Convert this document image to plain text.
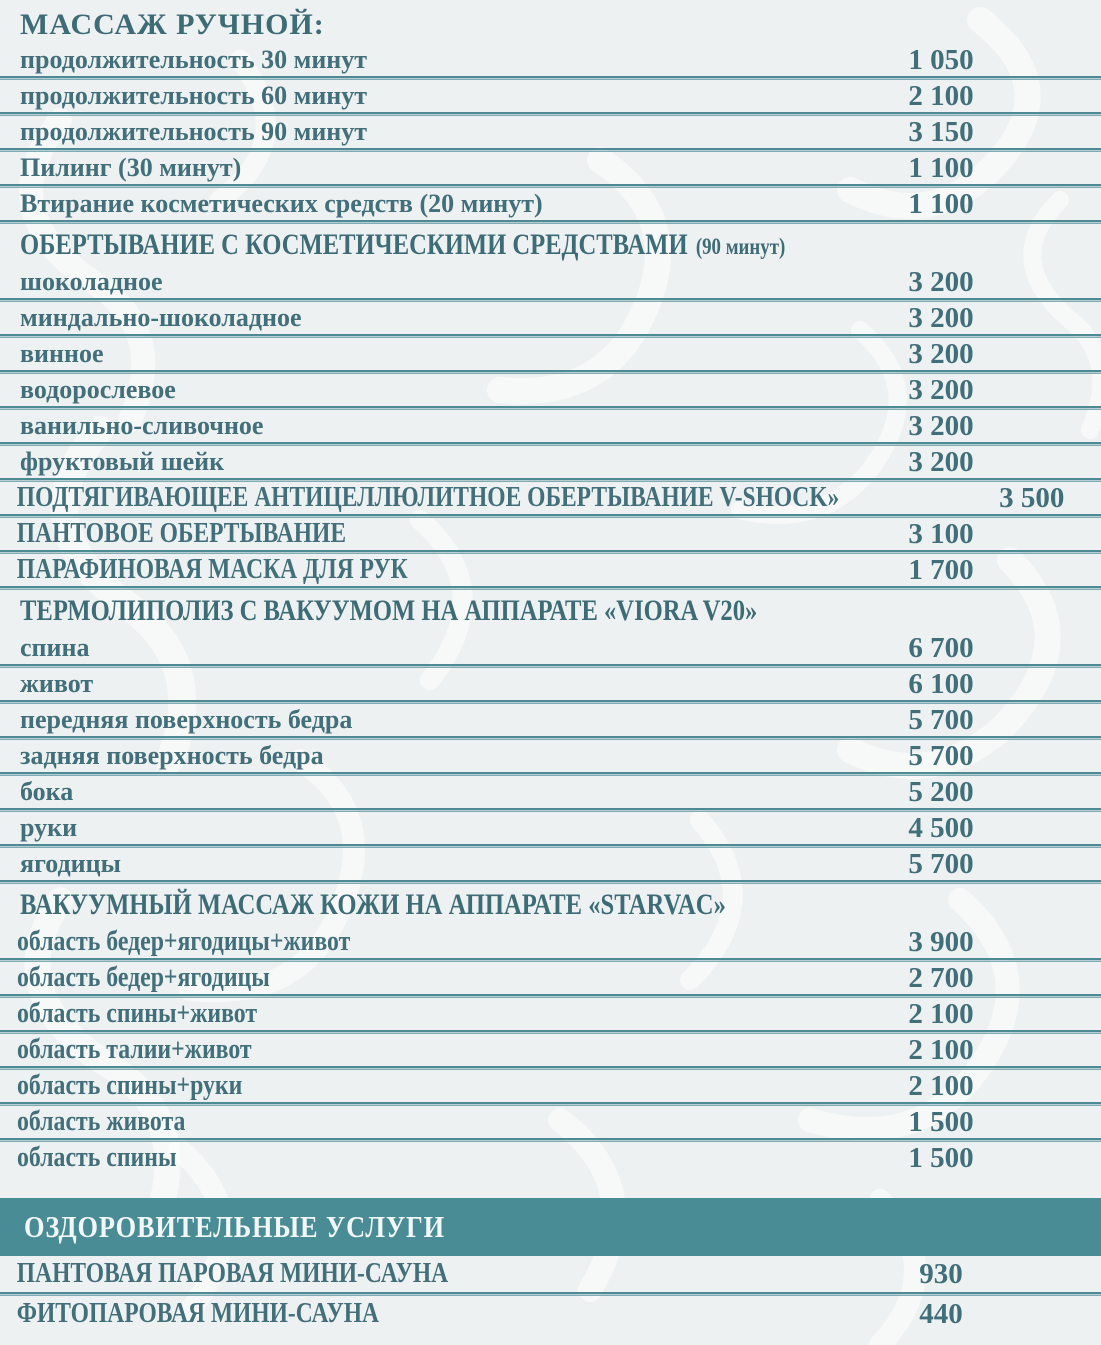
МАССАЖ РУЧНОЙ:
продолжительность 30 минут	1 050
продолжительность 60 минут	2 100
продолжительность 90 минут	3 150
Пилинг (30 минут)	1 100
Втирание косметических средств (20 минут)	1 100
ОБЕРТЫВАНИЕ С КОСМЕТИЧЕСКИМИ СРЕДСТВАМИ (90 минут)
шоколадное	3 200
миндально-шоколадное	3 200
винное	3 200
водорослевое	3 200
ванильно-сливочное	3 200
фруктовый шейк	3 200
ПОДТЯГИВАЮЩЕЕ АНТИЦЕЛЛЮЛИТНОЕ ОБЕРТЫВАНИЕ V-SHOCK»	3 500
ПАНТОВОЕ ОБЕРТЫВАНИЕ	3 100
ПАРАФИНОВАЯ МАСКА ДЛЯ РУК	1 700
ТЕРМОЛИПОЛИЗ С ВАКУУМОМ НА АППАРАТЕ «VIORA V20»
спина	6 700
живот	6 100
передняя поверхность бедра	5 700
задняя поверхность бедра	5 700
бока	5 200
руки	4 500
ягодицы	5 700
ВАКУУМНЫЙ МАССАЖ КОЖИ НА АППАРАТЕ «STARVAC»
область бедер+ягодицы+живот	3 900
область бедер+ягодицы	2 700
область спины+живот	2 100
область талии+живот	2 100
область спины+руки	2 100
область живота	1 500
область спины	1 500
ОЗДОРОВИТЕЛЬНЫЕ УСЛУГИ
ПАНТОВАЯ ПАРОВАЯ МИНИ-САУНА	930
ФИТОПАРОВАЯ МИНИ-САУНА	440
